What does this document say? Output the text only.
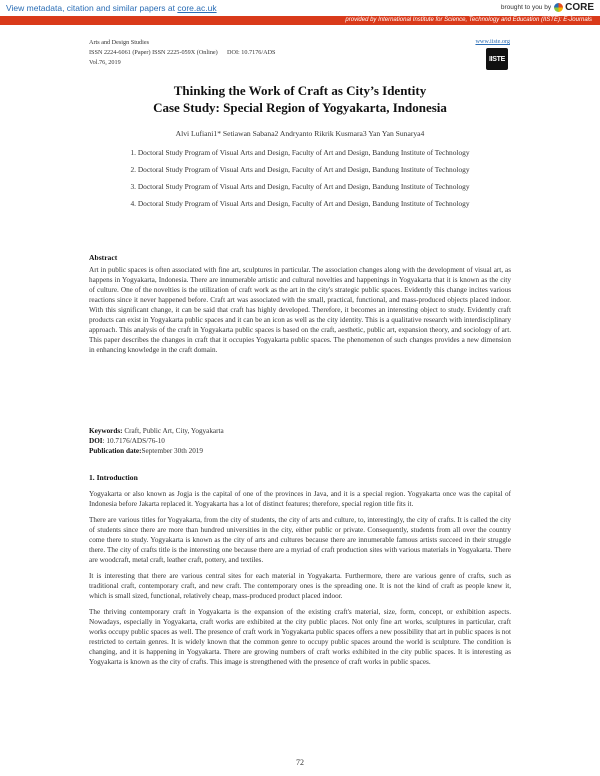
View metadata, citation and similar papers at core.ac.uk	brought to you by CORE
provided by International Institute for Science, Technology and Education (IISTE): E-Journals
Arts and Design Studies
ISSN 2224-6061 (Paper) ISSN 2225-059X (Online) DOI: 10.7176/ADS
Vol.76, 2019
www.iiste.org
IISTE
Thinking the Work of Craft as City’s Identity
Case Study: Special Region of Yogyakarta, Indonesia
Alvi Lufiani1* Setiawan Sabana2 Andryanto Rikrik Kusmara3 Yan Yan Sunarya4
1. Doctoral Study Program of Visual Arts and Design, Faculty of Art and Design, Bandung Institute of Technology
2. Doctoral Study Program of Visual Arts and Design, Faculty of Art and Design, Bandung Institute of Technology
3. Doctoral Study Program of Visual Arts and Design, Faculty of Art and Design, Bandung Institute of Technology
4. Doctoral Study Program of Visual Arts and Design, Faculty of Art and Design, Bandung Institute of Technology
Abstract
Art in public spaces is often associated with fine art, sculptures in particular. The association changes along with the development of visual art, as happens in Yogyakarta, Indonesia. There are innumerable artistic and cultural novelties and happenings in Yogyakarta that it is known as the city of culture. One of the novelties is the utilization of craft work as the art in the city's strategic public spaces. Evidently this change incites various reactions since it never happened before. Craft art was associated with the small, practical, functional, and mass-produced objects placed indoor. With this significant change, it can be said that craft has highly developed. Therefore, it becomes an interesting object to study. Evidently craft products can exist in Yogyakarta public spaces and it can be an icon as well as the city identity. This is a qualitative research with interdisciplinary approach. This analysis of the craft in Yogyakarta public spaces is based on the craft, aesthetic, public art, expansion theory, and sociology of art. This paper describes the changes in craft that it occupies Yogyakarta public spaces. The phenomenon of such changes provides a new dimension in enhancing knowledge in the craft domain.
Keywords: Craft, Public Art, City, Yogyakarta
DOI: 10.7176/ADS/76-10
Publication date:September 30th 2019
1. Introduction

Yogyakarta or also known as Jogja is the capital of one of the provinces in Java, and it is a special region. Yogyakarta once was the capital of Indonesia before Jakarta replaced it. Yogyakarta has a lot of distinct features; therefore, special region title fits it.

There are various titles for Yogyakarta, from the city of students, the city of arts and culture, to, interestingly, the city of crafts. It is called the city of students since there are more than hundred universities in the city, either public or private. Consequently, students from all over the country come there to study. Yogyakarta is known as the city of arts and cultures because there are innumerable famous artists succeed in their struggle there. The city of crafts title is the interesting one because there are a myriad of craft production sites with various materials in Yogyakarta. There are woodcraft, metal craft, leather craft, pottery, and textiles.

It is interesting that there are various central sites for each material in Yogyakarta. Furthermore, there are various genre of crafts, such as traditional craft, contemporary craft, and new craft. The contemporary ones is the spreading one. It is not the kind of craft as people knew it, which is small sized, functional, relatively cheap, mass-produced product placed indoor.

The thriving contemporary craft in Yogyakarta is the expansion of the existing craft's material, size, form, concept, or exhibition aspects. Nowadays, especially in Yogyakarta, craft works are exhibited at the city public places. Not only fine art works, sculptures in particular, craft works occupy public spaces as well. The presence of craft work in Yogyakarta public spaces offers a new possibility that art in public spaces is not restricted to certain genres. It is widely known that the common genre to occupy public spaces around the world is sculpture. The condition is changing, and it is happening in Yogyakarta. There are growing numbers of craft works exhibited in the city public spaces. It is interesting as Yogyakarta is known as the city of crafts. This image is strengthened with the presence of craft works in public spaces.

72
